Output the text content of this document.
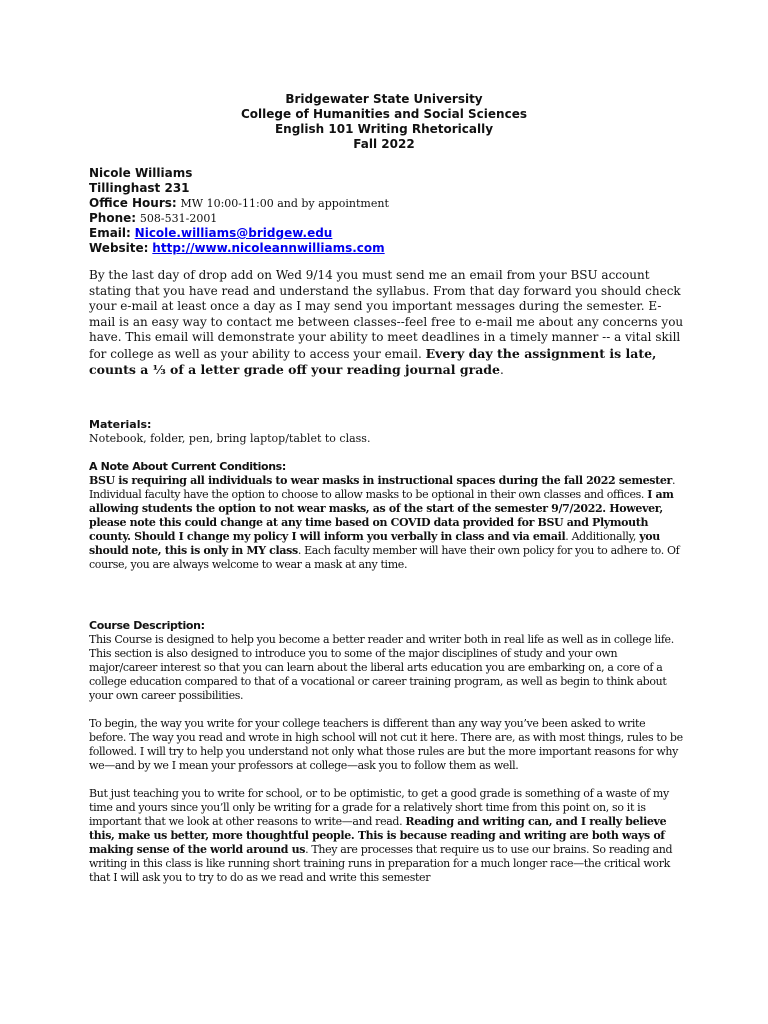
Bridgewater State University
College of Humanities and Social Sciences
English 101 Writing Rhetorically
Fall 2022
Nicole Williams
Tillinghast 231
Office Hours: MW 10:00-11:00 and by appointment
Phone: 508-531-2001
Email: Nicole.williams@bridgew.edu
Website: http://www.nicoleannwilliams.com
By the last day of drop add on Wed 9/14 you must send me an email from your BSU account stating that you have read and understand the syllabus. From that day forward you should check your e-mail at least once a day as I may send you important messages during the semester. E-mail is an easy way to contact me between classes--feel free to e-mail me about any concerns you have. This email will demonstrate your ability to meet deadlines in a timely manner -- a vital skill for college as well as your ability to access your email. Every day the assignment is late, counts a ⅓ of a letter grade off your reading journal grade.
Materials:

Notebook, folder, pen, bring laptop/tablet to class.

A Note About Current Conditions:

BSU is requiring all individuals to wear masks in instructional spaces during the fall 2022 semester. Individual faculty have the option to choose to allow masks to be optional in their own classes and offices. I am allowing students the option to not wear masks, as of the start of the semester 9/7/2022. However, please note this could change at any time based on COVID data provided for BSU and Plymouth county. Should I change my policy I will inform you verbally in class and via email. Additionally, you should note, this is only in MY class. Each faculty member will have their own policy for you to adhere to. Of course, you are always welcome to wear a mask at any time.

Course Description:

This Course is designed to help you become a better reader and writer both in real life as well as in college life. This section is also designed to introduce you to some of the major disciplines of study and your own major/career interest so that you can learn about the liberal arts education you are embarking on, a core of a college education compared to that of a vocational or career training program, as well as begin to think about your own career possibilities.

To begin, the way you write for your college teachers is different than any way you’ve been asked to write before. The way you read and wrote in high school will not cut it here. There are, as with most things, rules to be followed. I will try to help you understand not only what those rules are but the more important reasons for why we—and by we I mean your professors at college—ask you to follow them as well.

But just teaching you to write for school, or to be optimistic, to get a good grade is something of a waste of my time and yours since you’ll only be writing for a grade for a relatively short time from this point on, so it is important that we look at other reasons to write—and read. Reading and writing can, and I really believe this, make us better, more thoughtful people. This is because reading and writing are both ways of making sense of the world around us. They are processes that require us to use our brains. So reading and writing in this class is like running short training runs in preparation for a much longer race—the critical work that I will ask you to try to do as we read and write this semester
